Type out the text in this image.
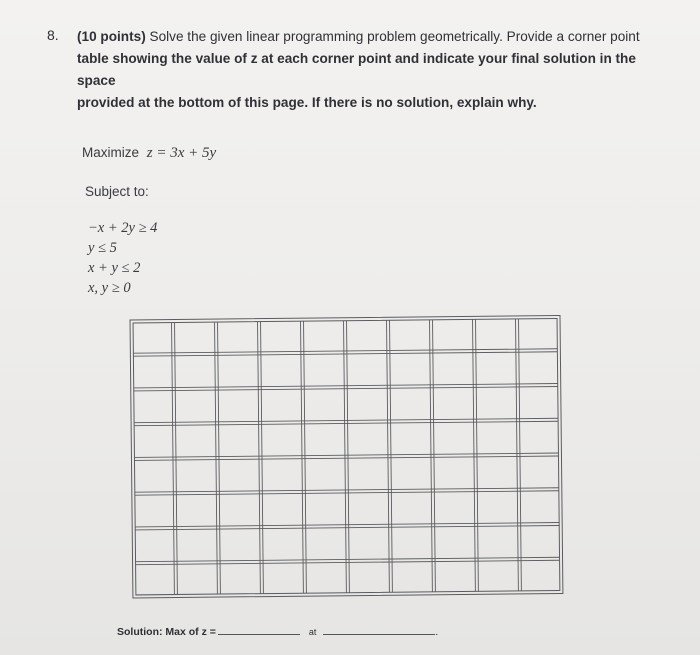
8. (10 points) Solve the given linear programming problem geometrically. Provide a corner point
table showing the value of z at each corner point and indicate your final solution in the space
provided at the bottom of this page. If there is no solution, explain why.
Maximize z = 3x + 5y
Subject to:
−x + 2y ≥ 4
y ≤ 5
x + y ≤ 2
x, y ≥ 0
Solution: Max of z =	at	.
